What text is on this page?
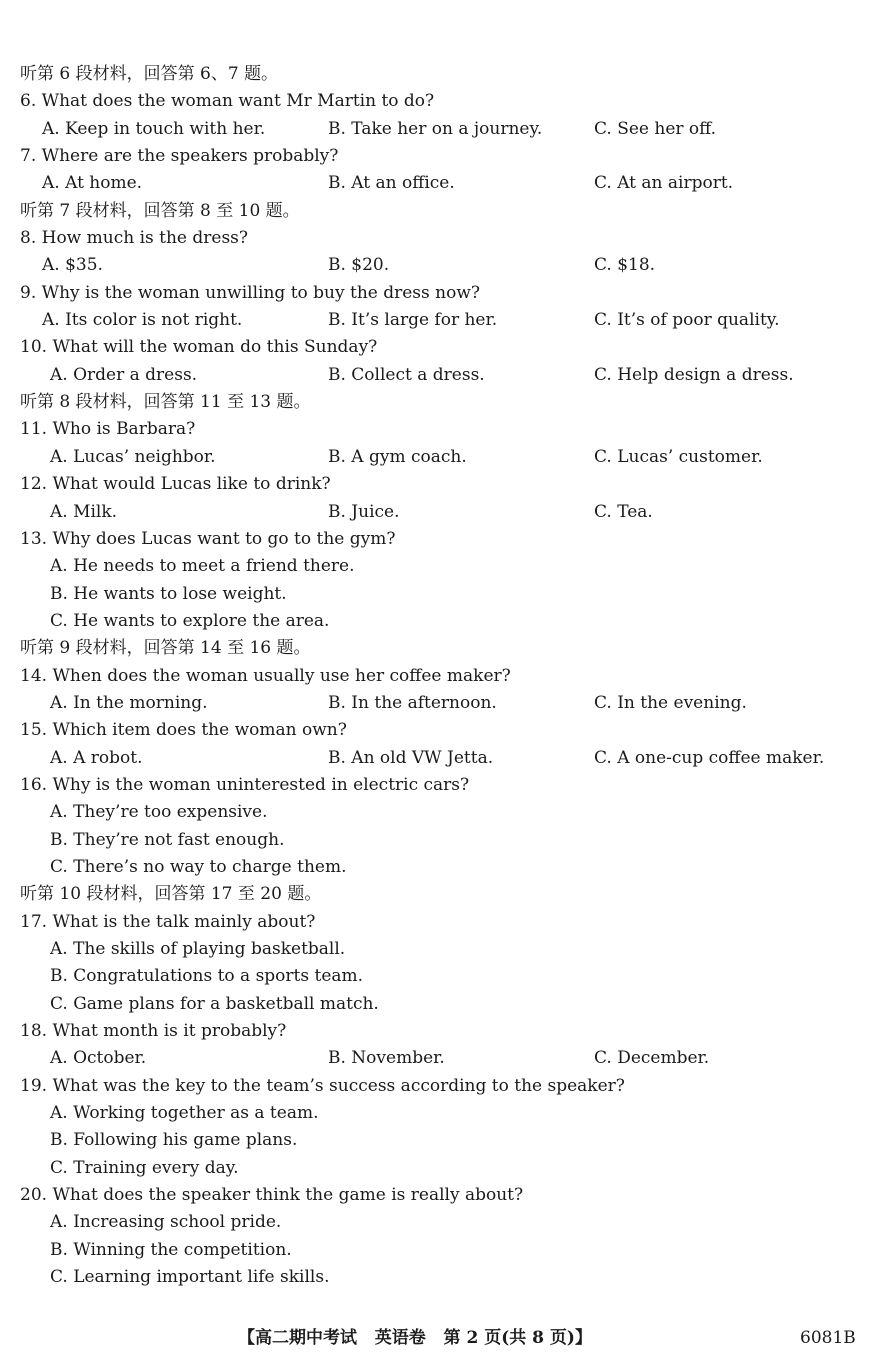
听第 6 段材料，回答第 6、7 题。
6. What does the woman want Mr Martin to do?
A. Keep in touch with her.	B. Take her on a journey.	C. See her off.
7. Where are the speakers probably?
A. At home.	B. At an office.	C. At an airport.
听第 7 段材料，回答第 8 至 10 题。
8. How much is the dress?
A. $35.	B. $20.	C. $18.
9. Why is the woman unwilling to buy the dress now?
A. Its color is not right.	B. It’s large for her.	C. It’s of poor quality.
10. What will the woman do this Sunday?
A. Order a dress.	B. Collect a dress.	C. Help design a dress.
听第 8 段材料，回答第 11 至 13 题。
11. Who is Barbara?
A. Lucas’ neighbor.	B. A gym coach.	C. Lucas’ customer.
12. What would Lucas like to drink?
A. Milk.	B. Juice.	C. Tea.
13. Why does Lucas want to go to the gym?
A. He needs to meet a friend there.
B. He wants to lose weight.
C. He wants to explore the area.
听第 9 段材料，回答第 14 至 16 题。
14. When does the woman usually use her coffee maker?
A. In the morning.	B. In the afternoon.	C. In the evening.
15. Which item does the woman own?
A. A robot.	B. An old VW Jetta.	C. A one-cup coffee maker.
16. Why is the woman uninterested in electric cars?
A. They’re too expensive.
B. They’re not fast enough.
C. There’s no way to charge them.
听第 10 段材料，回答第 17 至 20 题。
17. What is the talk mainly about?
A. The skills of playing basketball.
B. Congratulations to a sports team.
C. Game plans for a basketball match.
18. What month is it probably?
A. October.	B. November.	C. December.
19. What was the key to the team’s success according to the speaker?
A. Working together as a team.
B. Following his game plans.
C. Training every day.
20. What does the speaker think the game is really about?
A. Increasing school pride.
B. Winning the competition.
C. Learning important life skills.
【高二期中考试 英语卷 第 2 页(共 8 页)】	6081B
